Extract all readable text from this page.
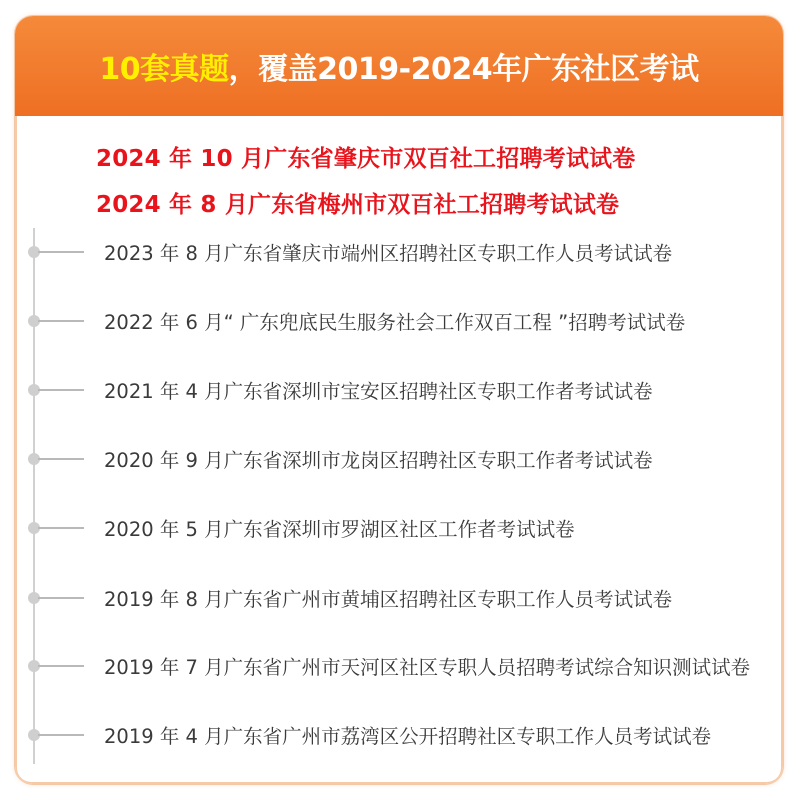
10套真题 ，覆盖2019-2024年广东社区考试
2024 年 10 月广东省肇庆市双百社工招聘考试试卷
2024 年 8 月广东省梅州市双百社工招聘考试试卷
2023 年 8 月广东省肇庆市端州区招聘社区专职工作人员考试试卷
2022 年 6 月“ 广东兜底民生服务社会工作双百工程 ”招聘考试试卷
2021 年 4 月广东省深圳市宝安区招聘社区专职工作者考试试卷
2020 年 9 月广东省深圳市龙岗区招聘社区专职工作者考试试卷
2020 年 5 月广东省深圳市罗湖区社区工作者考试试卷
2019 年 8 月广东省广州市黄埔区招聘社区专职工作人员考试试卷
2019 年 7 月广东省广州市天河区社区专职人员招聘考试综合知识测试试卷
2019 年 4 月广东省广州市荔湾区公开招聘社区专职工作人员考试试卷
